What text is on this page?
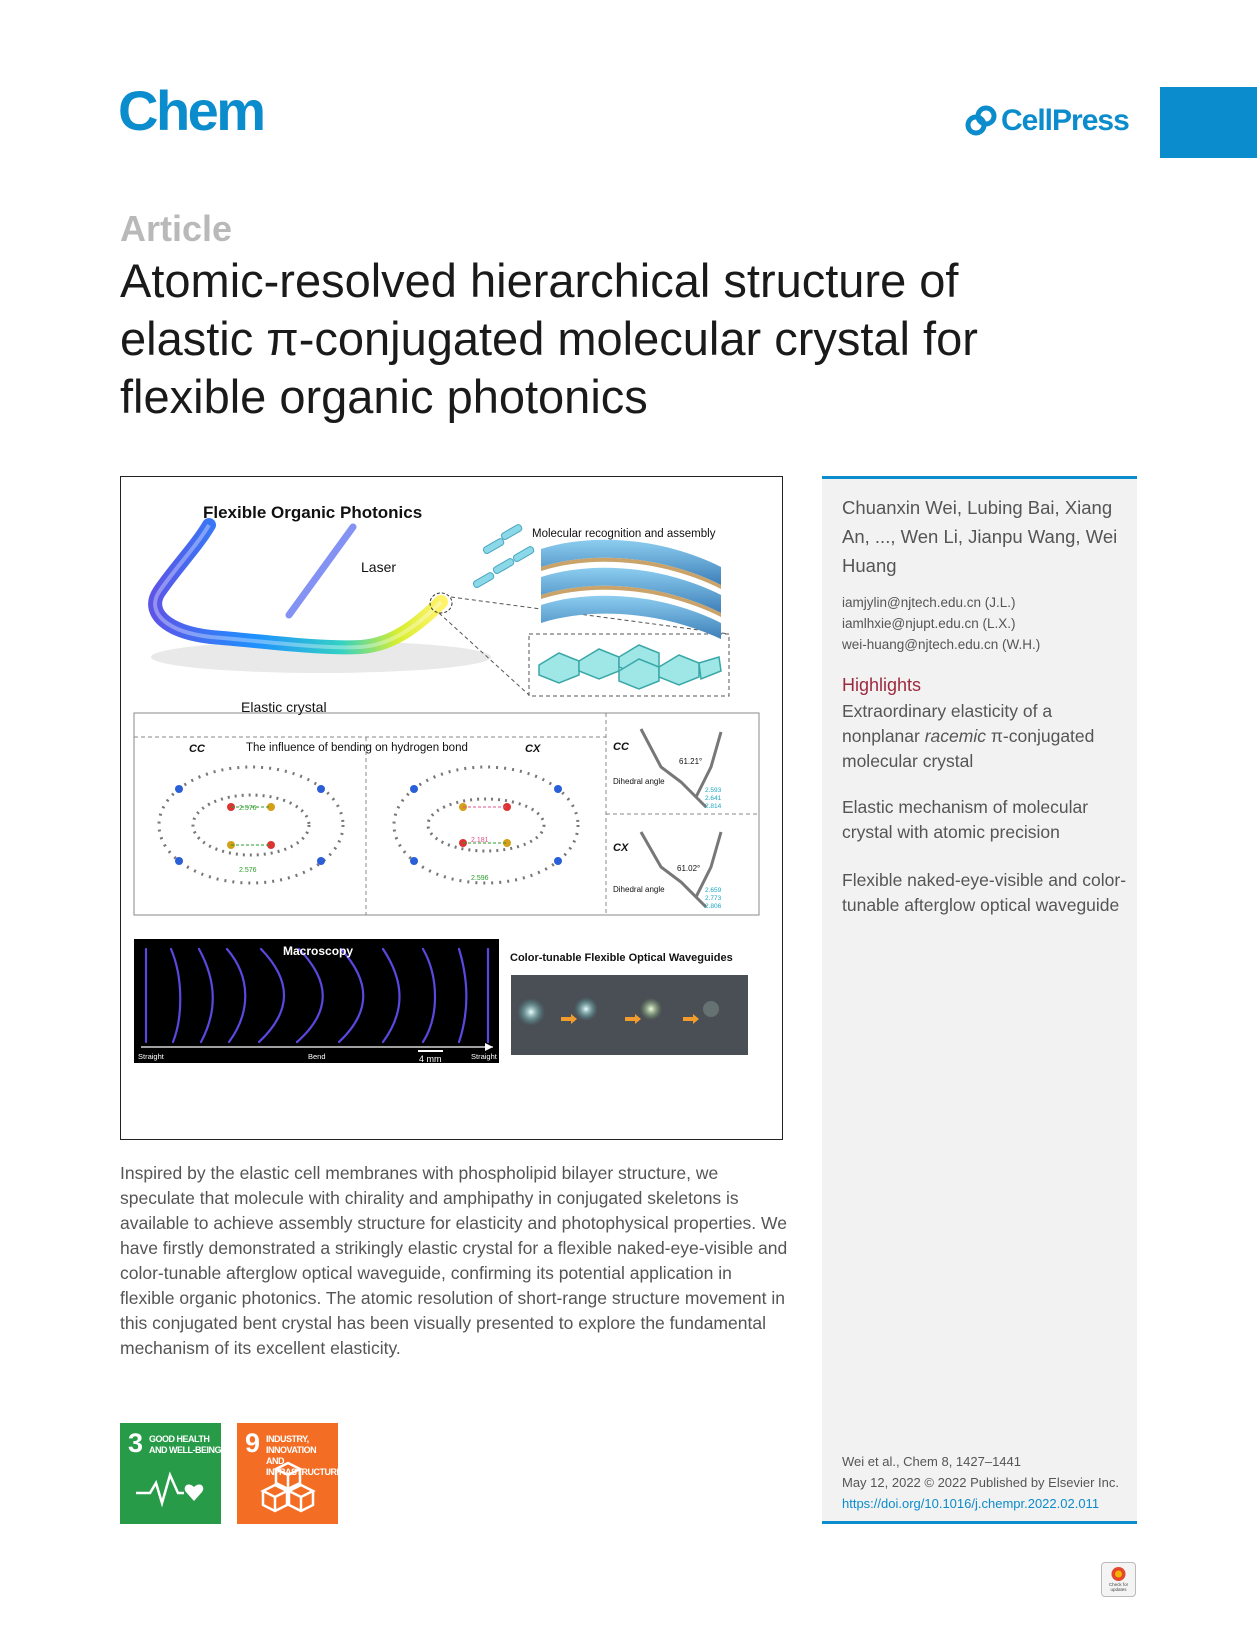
Chem	CellPress
Article
Atomic-resolved hierarchical structure of
elastic π-conjugated molecular crystal for
flexible organic photonics
Flexible Organic Photonics
Laser
Molecular recognition and assembly
Elastic crystal
CC	The influence of bending on hydrogen bond	CX	CC
CX
2.576
2.576
2.181
2.596
61.21°
61.02°
Dihedral angle
Dihedral angle
2.593
2.641
2.814
2.659
2.773
2.806
Macroscopy
Straight	Bend	4 mm	Straight
Color-tunable Flexible Optical Waveguides
Chuanxin Wei, Lubing Bai, Xiang An, ..., Wen Li, Jianpu Wang, Wei Huang
iamjylin@njtech.edu.cn (J.L.)
iamlhxie@njupt.edu.cn (L.X.)
wei-huang@njtech.edu.cn (W.H.)
Highlights
Extraordinary elasticity of a nonplanar racemic π-conjugated molecular crystal
Elastic mechanism of molecular crystal with atomic precision
Flexible naked-eye-visible and color-tunable afterglow optical waveguide
Wei et al., Chem 8, 1427–1441
May 12, 2022 © 2022 Published by Elsevier Inc.
https://doi.org/10.1016/j.chempr.2022.02.011
Inspired by the elastic cell membranes with phospholipid bilayer structure, we speculate that molecule with chirality and amphipathy in conjugated skeletons is available to achieve assembly structure for elasticity and photophysical properties. We have firstly demonstrated a strikingly elastic crystal for a flexible naked-eye-visible and color-tunable afterglow optical waveguide, confirming its potential application in flexible organic photonics. The atomic resolution of short-range structure movement in this conjugated bent crystal has been visually presented to explore the fundamental mechanism of its excellent elasticity.
3 GOOD HEALTH
AND WELL-BEING 9 INDUSTRY, INNOVATION
AND INFRASTRUCTURE
Check for
updates
